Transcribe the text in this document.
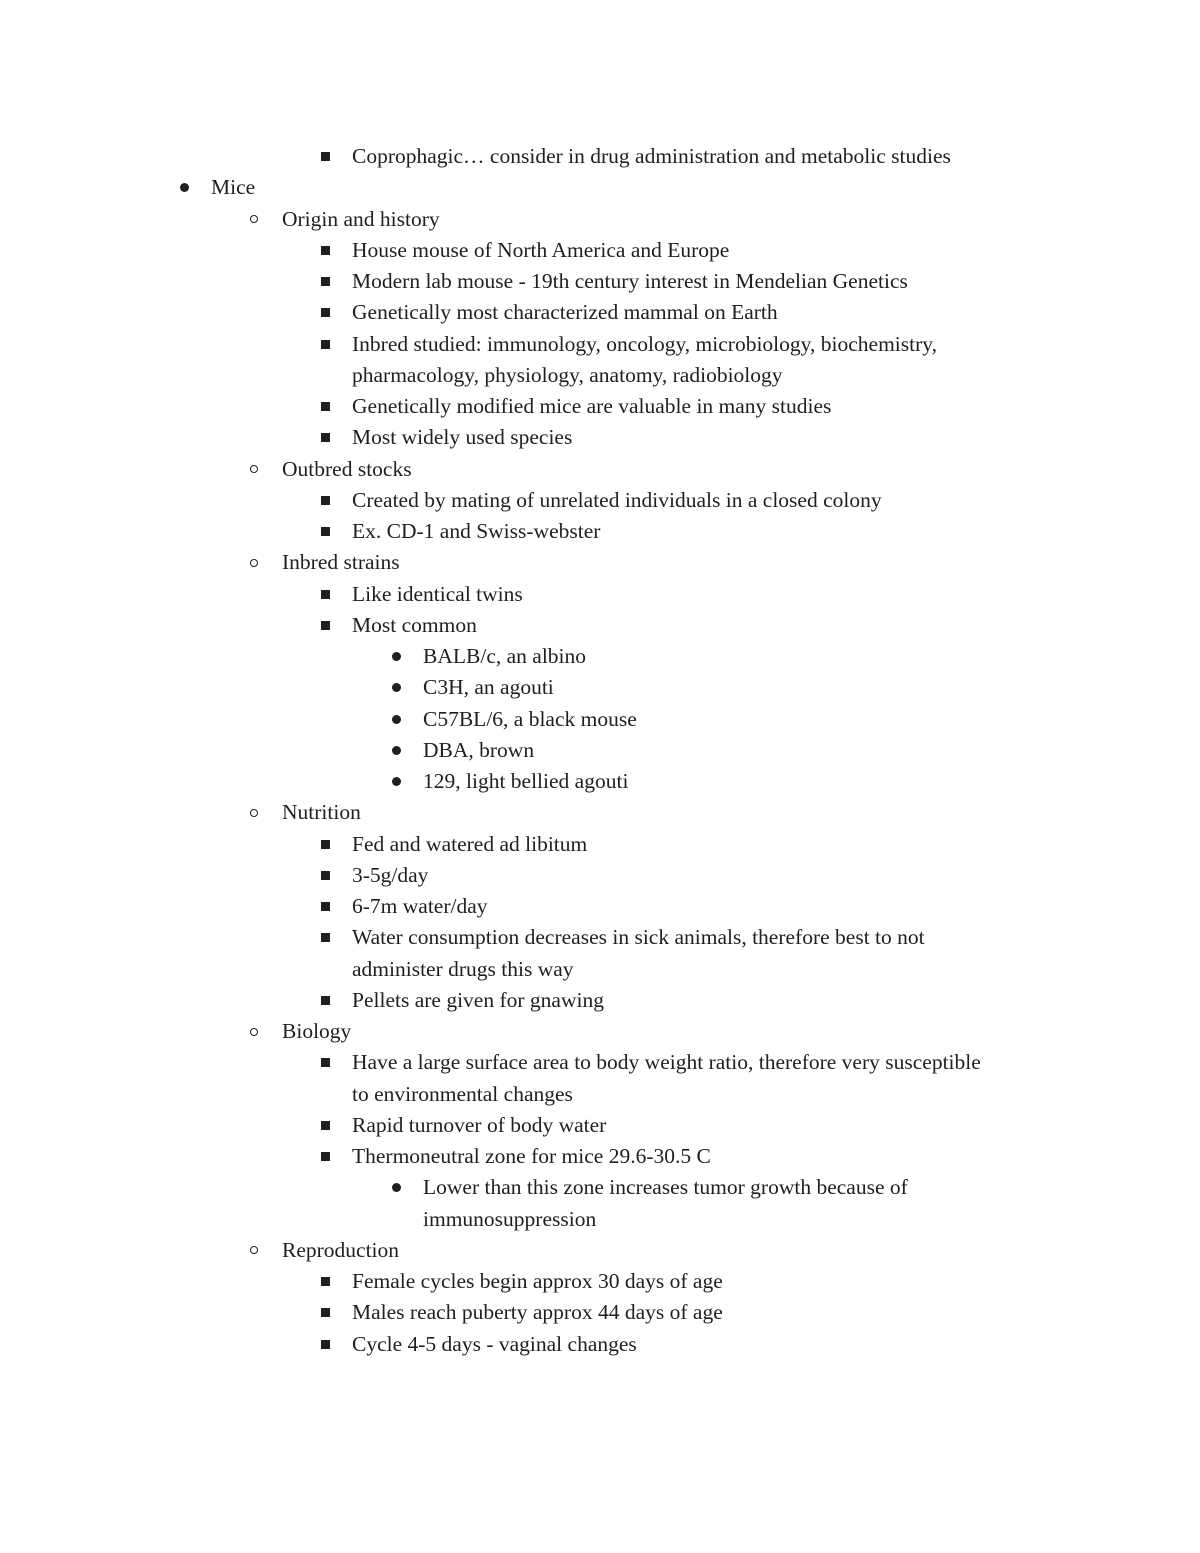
Coprophagic… consider in drug administration and metabolic studies
Mice
Origin and history
House mouse of North America and Europe
Modern lab mouse - 19th century interest in Mendelian Genetics
Genetically most characterized mammal on Earth
Inbred studied: immunology, oncology, microbiology, biochemistry,
pharmacology, physiology, anatomy, radiobiology
Genetically modified mice are valuable in many studies
Most widely used species
Outbred stocks
Created by mating of unrelated individuals in a closed colony
Ex. CD-1 and Swiss-webster
Inbred strains
Like identical twins
Most common
BALB/c, an albino
C3H, an agouti
C57BL/6, a black mouse
DBA, brown
129, light bellied agouti
Nutrition
Fed and watered ad libitum
3-5g/day
6-7m water/day
Water consumption decreases in sick animals, therefore best to not
administer drugs this way
Pellets are given for gnawing
Biology
Have a large surface area to body weight ratio, therefore very susceptible
to environmental changes
Rapid turnover of body water
Thermoneutral zone for mice 29.6-30.5 C
Lower than this zone increases tumor growth because of
immunosuppression
Reproduction
Female cycles begin approx 30 days of age
Males reach puberty approx 44 days of age
Cycle 4-5 days - vaginal changes
